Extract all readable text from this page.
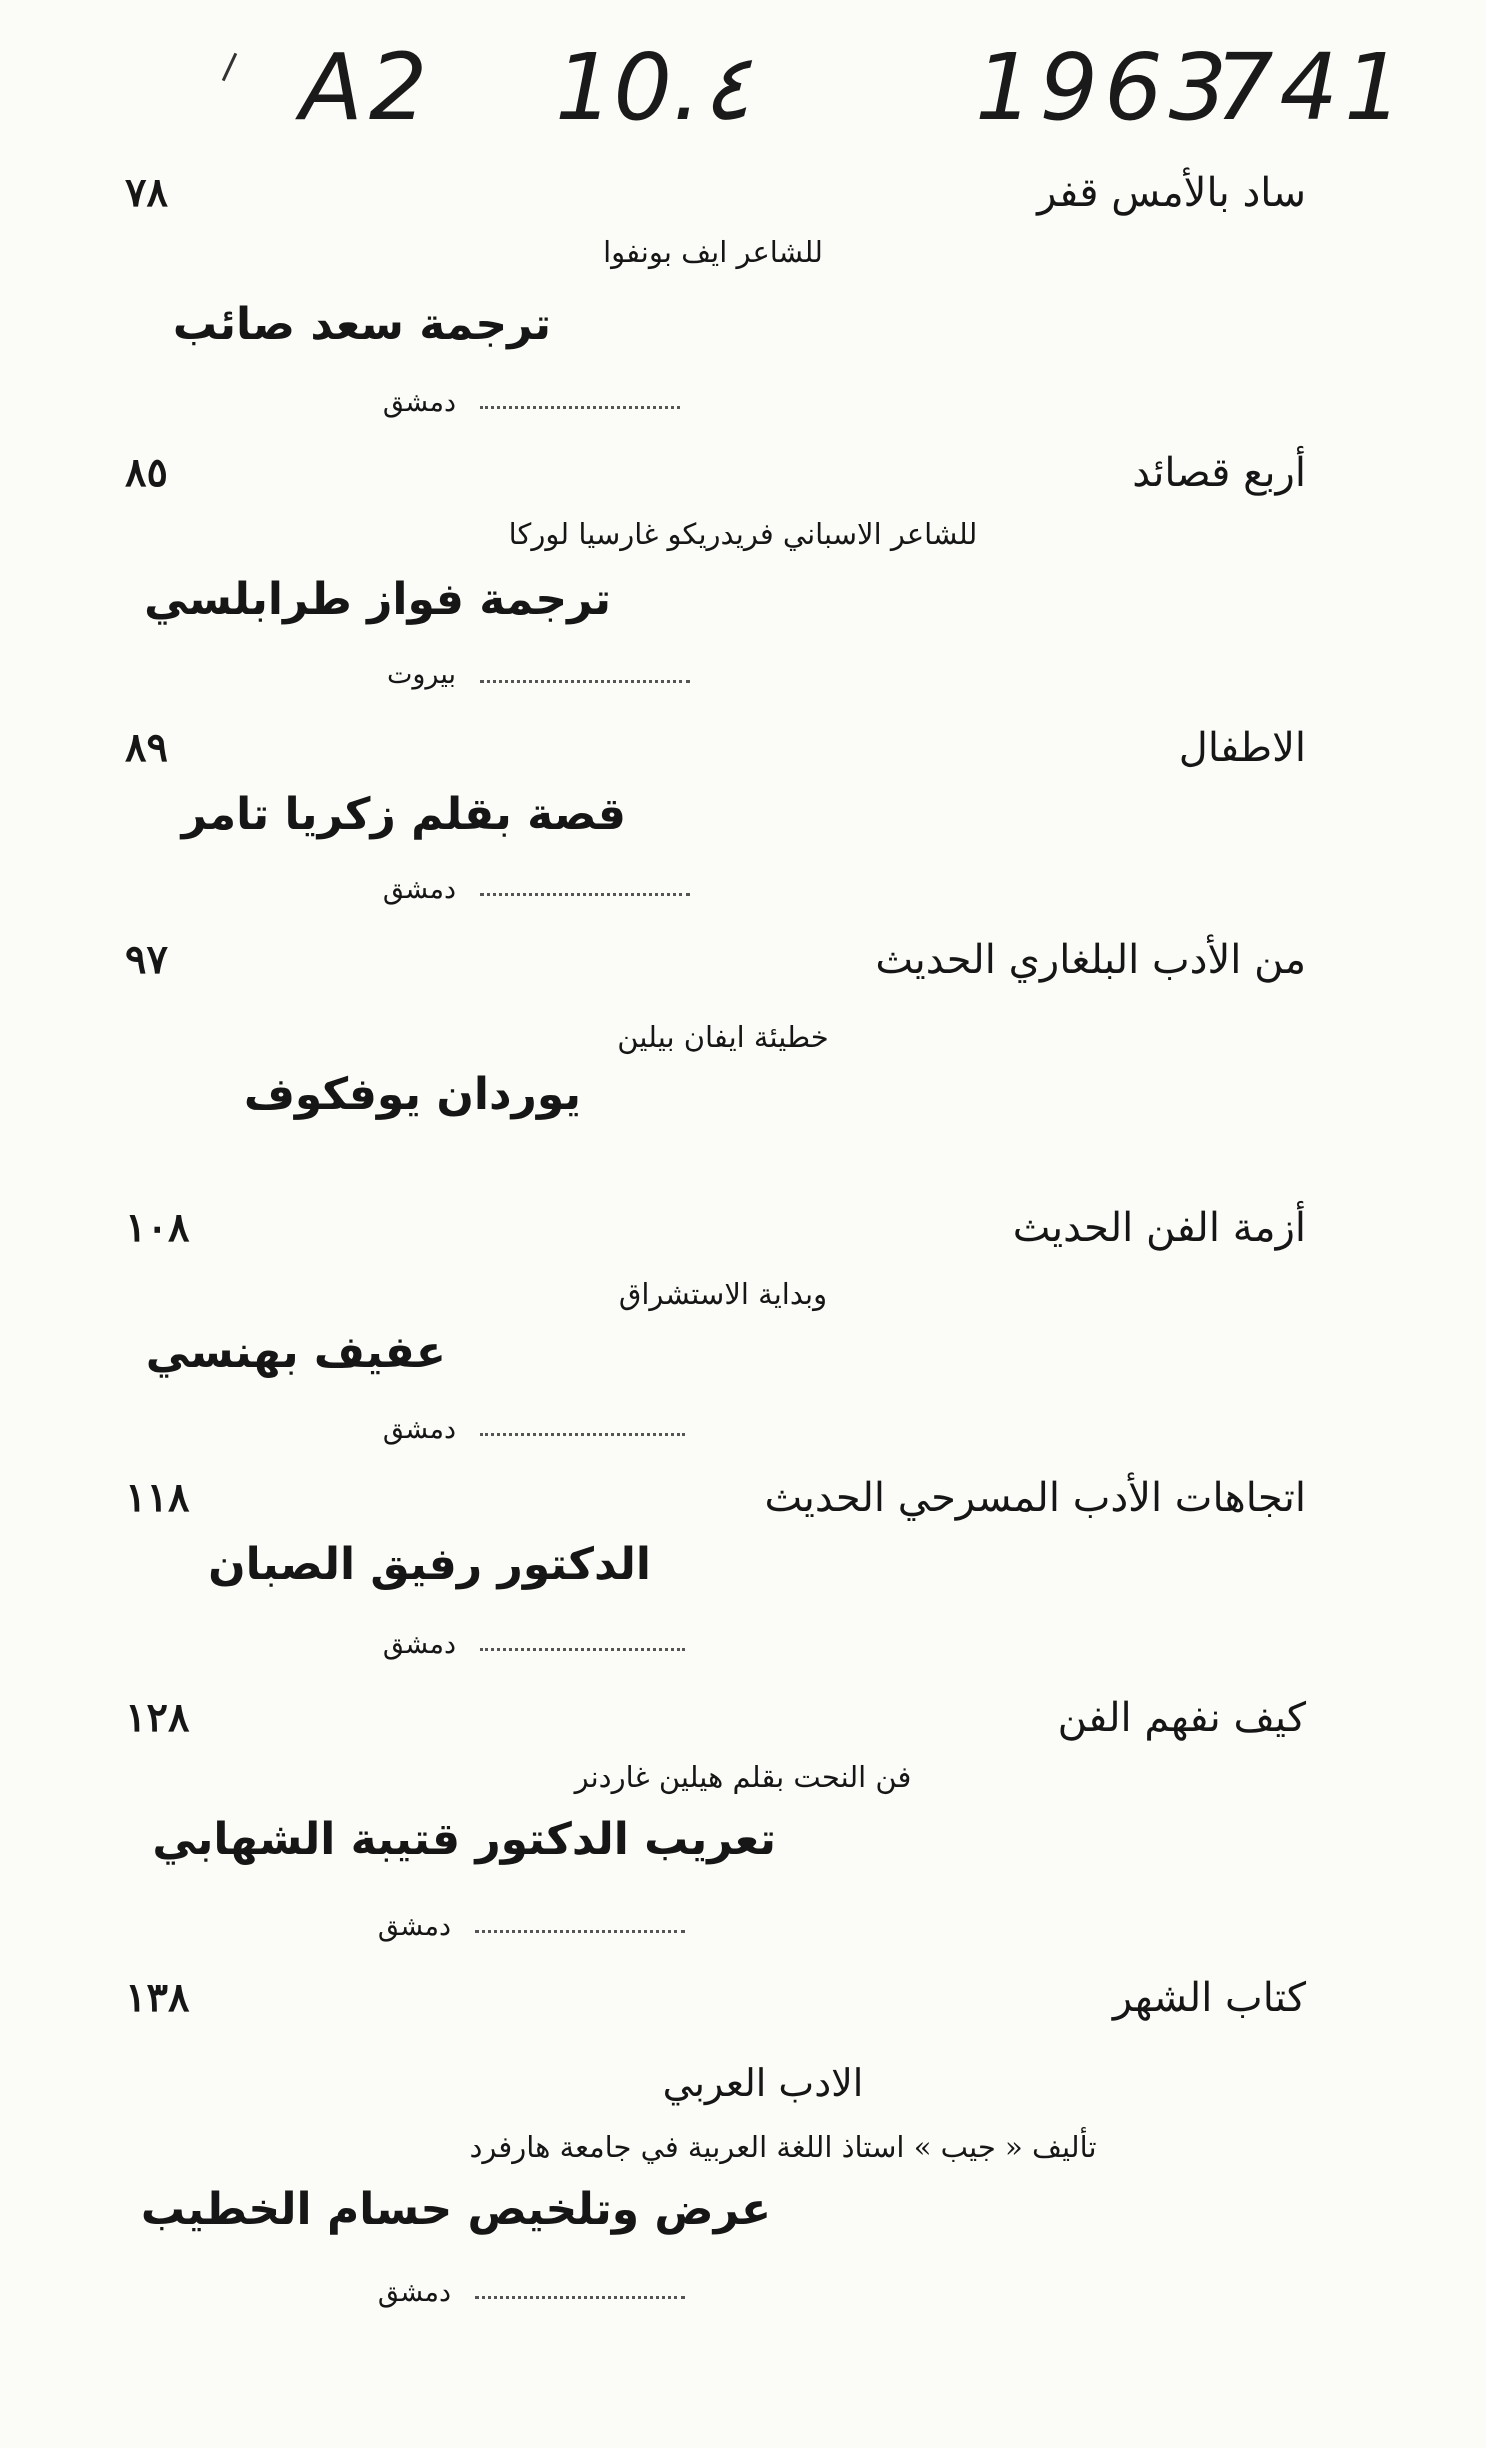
A2 10.٤ 1963

741

ساد بالأمس قفر
٧٨
للشاعر ايف بونفوا
ترجمة سعد صائب
دمشق
أربع قصائد
٨٥
للشاعر الاسباني فريدريكو غارسيا لوركا
ترجمة فواز طرابلسي
بيروت
الاطفال
٨٩
قصة بقلم زكريا تامر
دمشق
من الأدب البلغاري الحديث
٩٧
خطيئة ايفان بيلين
يوردان يوفكوف
أزمة الفن الحديث
١٠٨
وبداية الاستشراق
عفيف بهنسي
دمشق
اتجاهات الأدب المسرحي الحديث
١١٨
الدكتور رفيق الصبان
دمشق
كيف نفهم الفن
١٢٨
فن النحت بقلم هيلين غاردنر
تعريب الدكتور قتيبة الشهابي
دمشق
كتاب الشهر
١٣٨
الادب العربي
تأليف « جيب » استاذ اللغة العربية في جامعة هارفرد
عرض وتلخيص حسام الخطيب
دمشق
